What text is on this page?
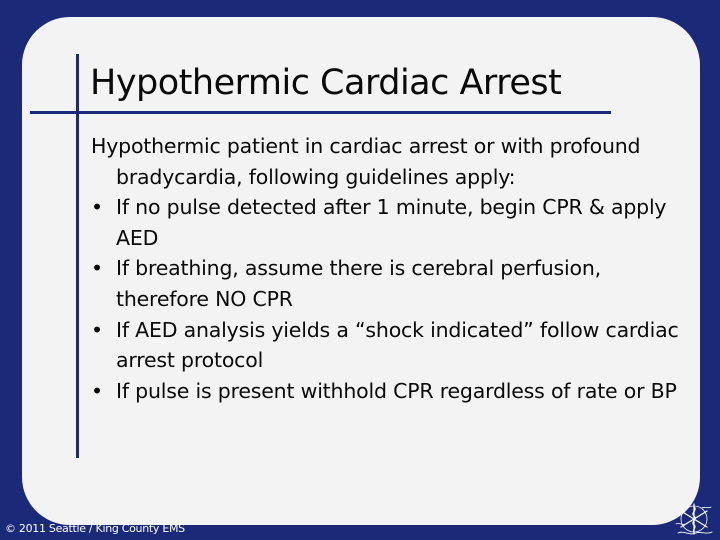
Hypothermic Cardiac Arrest

Hypothermic patient in cardiac arrest or with profound bradycardia, following guidelines apply:

• If no pulse detected after 1 minute, begin CPR & apply AED
• If breathing, assume there is cerebral perfusion, therefore NO CPR
• If AED analysis yields a “shock indicated” follow cardiac arrest protocol
• If pulse is present withhold CPR regardless of rate or BP
© 2011 Seattle / King County EMS
